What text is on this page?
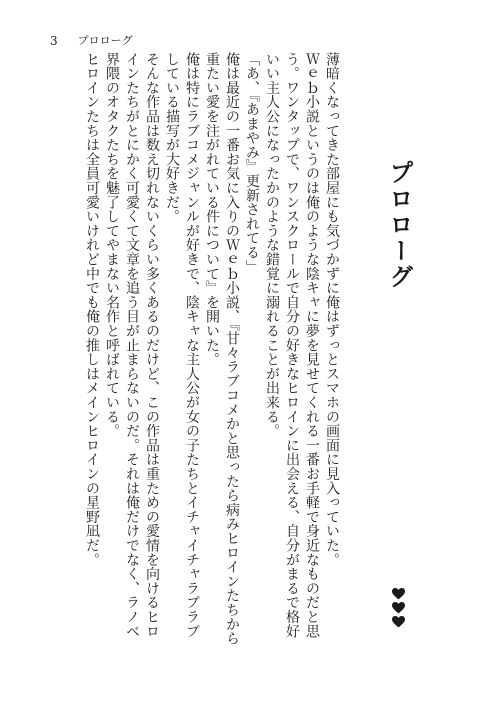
3 プロローグ

薄暗くなってきた部屋にも気づかずに俺はずっとスマホの画面に見入っていた。

Ｗｅｂ小説というのは俺のような陰キャに夢を見せてくれる一番お手軽で身近なものだと思う。ワンタップで、ワンスクロールで自分の好きなヒロインに出会える、自分がまるで格好いい主人公になったかのような錯覚に溺れることが出来る。

「あ、『あまやみ』更新されてる」

俺は最近の一番お気に入りのＷｅｂ小説、『甘々ラブコメかと思ったら病みヒロインたちから重たい愛を注がれている件について』を開いた。

俺は特にラブコメジャンルが好きで、陰キャな主人公が女の子たちとイチャイチャラブラブしている描写が大好きだ。

そんな作品は数え切れないくらい多くあるのだけど、この作品は重ための愛情を向けるヒロインたちがとにかく可愛くて文章を追う目が止まらないのだ。それは俺だけでなく、ラノベ界隈のオタクたちを魅了してやまない名作と呼ばれている。

ヒロインたちは全員可愛いけれど中でも俺の推しはメインヒロインの星野凪だ。	プロローグ
